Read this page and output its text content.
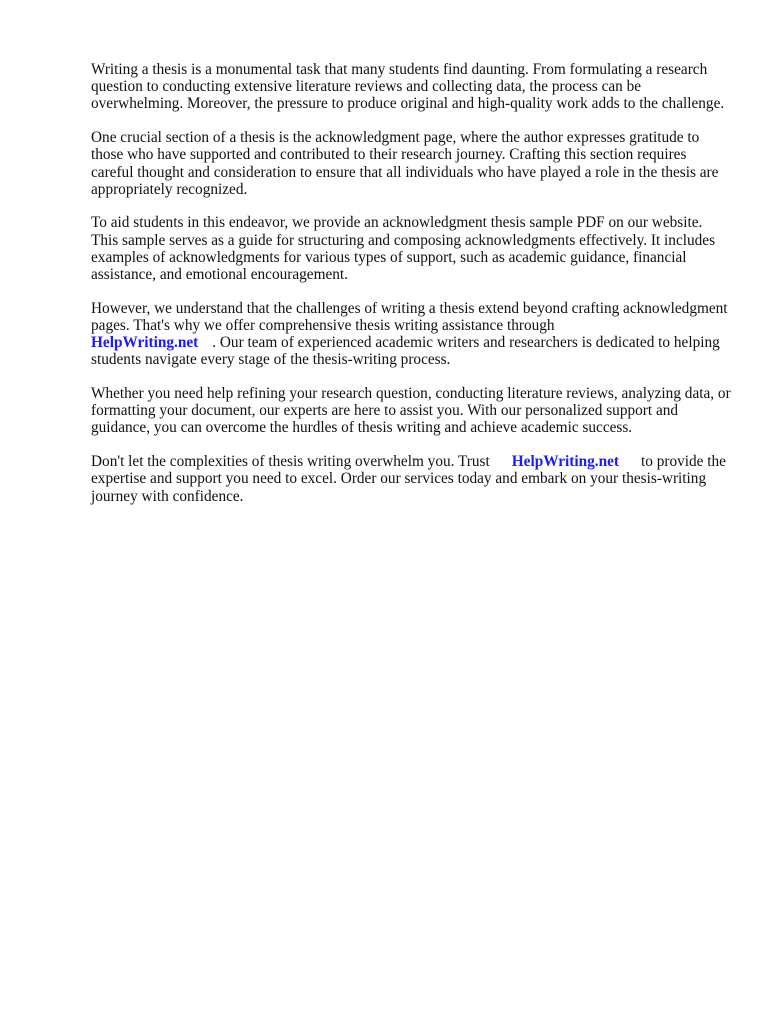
Writing a thesis is a monumental task that many students find daunting. From formulating a research question to conducting extensive literature reviews and collecting data, the process can be overwhelming. Moreover, the pressure to produce original and high-quality work adds to the challenge.

One crucial section of a thesis is the acknowledgment page, where the author expresses gratitude to those who have supported and contributed to their research journey. Crafting this section requires careful thought and consideration to ensure that all individuals who have played a role in the thesis are appropriately recognized.

To aid students in this endeavor, we provide an acknowledgment thesis sample PDF on our website. This sample serves as a guide for structuring and composing acknowledgments effectively. It includes examples of acknowledgments for various types of support, such as academic guidance, financial assistance, and emotional encouragement.

However, we understand that the challenges of writing a thesis extend beyond crafting acknowledgment pages. That's why we offer comprehensive thesis writing assistance through
HelpWriting.net . Our team of experienced academic writers and researchers is dedicated to helping students navigate every stage of the thesis-writing process.

Whether you need help refining your research question, conducting literature reviews, analyzing data, or formatting your document, our experts are here to assist you. With our personalized support and guidance, you can overcome the hurdles of thesis writing and achieve academic success.

Don't let the complexities of thesis writing overwhelm you. Trust HelpWriting.net to provide the expertise and support you need to excel. Order our services today and embark on your thesis-writing journey with confidence.
